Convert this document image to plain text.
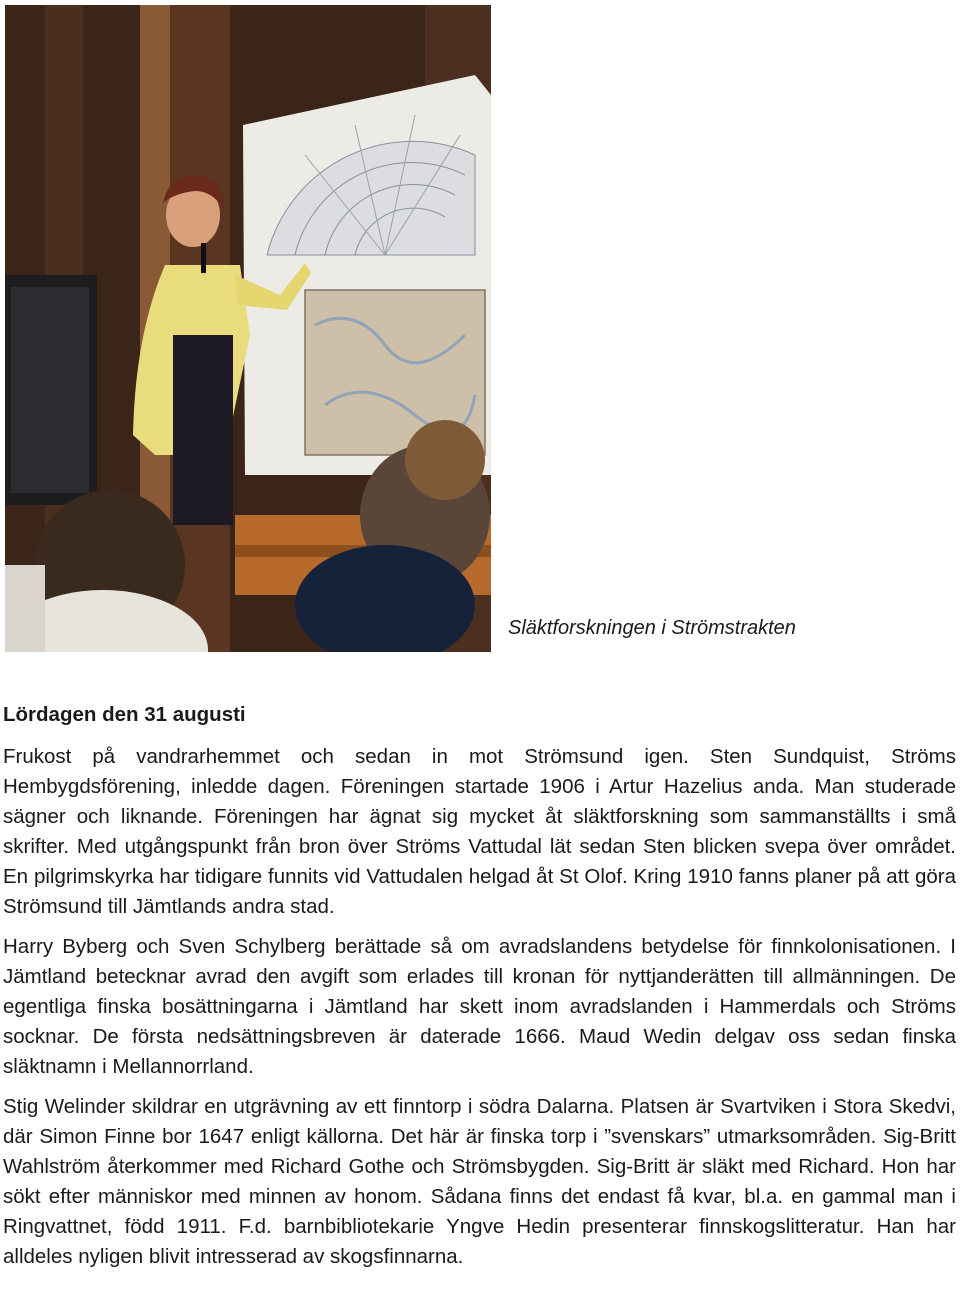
Släktforskningen i Strömstrakten
Lördagen den 31 augusti

Frukost på vandrarhemmet och sedan in mot Strömsund igen. Sten Sundquist, Ströms Hembygdsförening, inledde dagen. Föreningen startade 1906 i Artur Hazelius anda. Man studerade sägner och liknande. Föreningen har ägnat sig mycket åt släktforskning som sammanställts i små skrifter. Med utgångspunkt från bron över Ströms Vattudal lät sedan Sten blicken svepa över området. En pilgrimskyrka har tidigare funnits vid Vattudalen helgad åt St Olof. Kring 1910 fanns planer på att göra Strömsund till Jämtlands andra stad.

Harry Byberg och Sven Schylberg berättade så om avradslandens betydelse för finnkolonisationen. I Jämtland betecknar avrad den avgift som erlades till kronan för nyttjanderätten till allmänningen. De egentliga finska bosättningarna i Jämtland har skett inom avradslanden i Hammerdals och Ströms socknar. De första nedsättningsbreven är daterade 1666. Maud Wedin delgav oss sedan finska släktnamn i Mellannorrland.

Stig Welinder skildrar en utgrävning av ett finntorp i södra Dalarna. Platsen är Svartviken i Stora Skedvi, där Simon Finne bor 1647 enligt källorna. Det här är finska torp i ”svenskars” utmarksområden. Sig-Britt Wahlström återkommer med Richard Gothe och Strömsbygden. Sig-Britt är släkt med Richard. Hon har sökt efter människor med minnen av honom. Sådana finns det endast få kvar, bl.a. en gammal man i Ringvattnet, född 1911. F.d. barnbibliotekarie Yngve Hedin presenterar finnskogslitteratur. Han har alldeles nyligen blivit intresserad av skogsfinnarna.
